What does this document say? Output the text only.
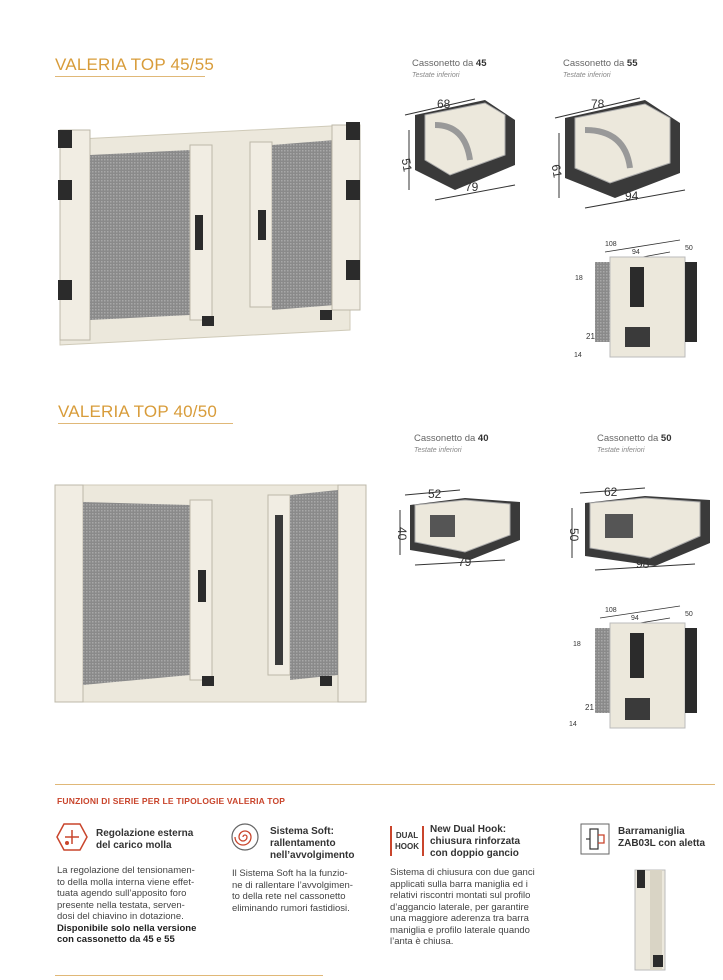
VALERIA TOP 45/55	Cassonetto da 45
Testate inferiori
68
51
79
Cassonetto da 55
Testate inferiori
78
61
94
108
94
50
21
14
18
VALERIA TOP 40/50
Cassonetto da 40
Testate inferiori
52
40
79
Cassonetto da 50
Testate inferiori
62
50
98
108
94
50
21
14
18
FUNZIONI DI SERIE PER LE TIPOLOGIE VALERIA TOP
Regolazione esterna
del carico molla
La regolazione del tensionamen-
to della molla interna viene effet-
tuata agendo sull’apposito foro
presente nella testata, serven-
dosi del chiavino in dotazione.
Disponibile solo nella versione
con cassonetto da 45 e 55
Sistema Soft:
rallentamento
nell’avvolgimento
Il Sistema Soft ha la funzio-
ne di rallentare l’avvolgimen-
to della rete nel cassonetto
eliminando rumori fastidiosi.
DUAL
HOOK
New Dual Hook:
chiusura rinforzata
con doppio gancio
Sistema di chiusura con due ganci
applicati sulla barra maniglia ed i
relativi riscontri montati sul profilo
d’aggancio laterale, per garantire
una maggiore aderenza tra barra
maniglia e profilo laterale quando
l’anta è chiusa.
Barramaniglia
ZAB03L con aletta
